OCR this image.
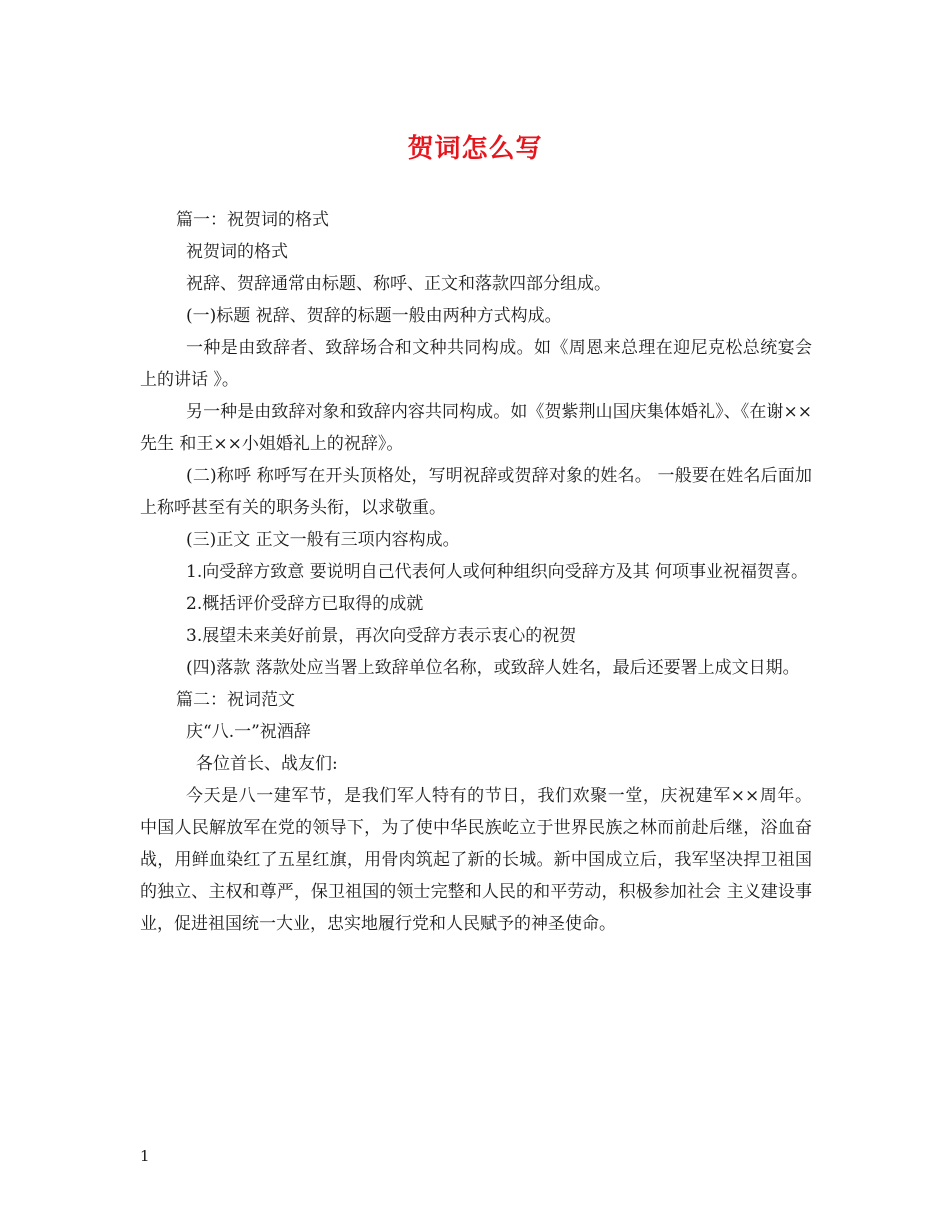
贺词怎么写

篇一：祝贺词的格式

祝贺词的格式

祝辞、贺辞通常由标题、称呼、正文和落款四部分组成。

(一)标题 祝辞、贺辞的标题一般由两种方式构成。

一种是由致辞者、致辞场合和文种共同构成。如《周恩来总理在迎尼克松总统宴会上的讲话 》。

另一种是由致辞对象和致辞内容共同构成。如《贺紫荆山国庆集体婚礼》、《在谢××先生 和王××小姐婚礼上的祝辞》。

(二)称呼 称呼写在开头顶格处，写明祝辞或贺辞对象的姓名。 一般要在姓名后面加上称呼甚至有关的职务头衔，以求敬重。

(三)正文 正文一般有三项内容构成。

1.向受辞方致意 要说明自己代表何人或何种组织向受辞方及其 何项事业祝福贺喜。

2.概括评价受辞方已取得的成就

3.展望未来美好前景，再次向受辞方表示衷心的祝贺

(四)落款 落款处应当署上致辞单位名称，或致辞人姓名，最后还要署上成文日期。

篇二：祝词范文

庆“八.一”祝酒辞

各位首长、战友们:

今天是八一建军节，是我们军人特有的节日，我们欢聚一堂，庆祝建军××周年。 中国人民解放军在党的领导下，为了使中华民族屹立于世界民族之林而前赴后继，浴血奋战，用鲜血染红了五星红旗，用骨肉筑起了新的长城。新中国成立后，我军坚决捍卫祖国的独立、主权和尊严，保卫祖国的领士完整和人民的和平劳动，积极参加社会 主义建设事业，促进祖国统一大业，忠实地履行党和人民赋予的神圣使命。

1
